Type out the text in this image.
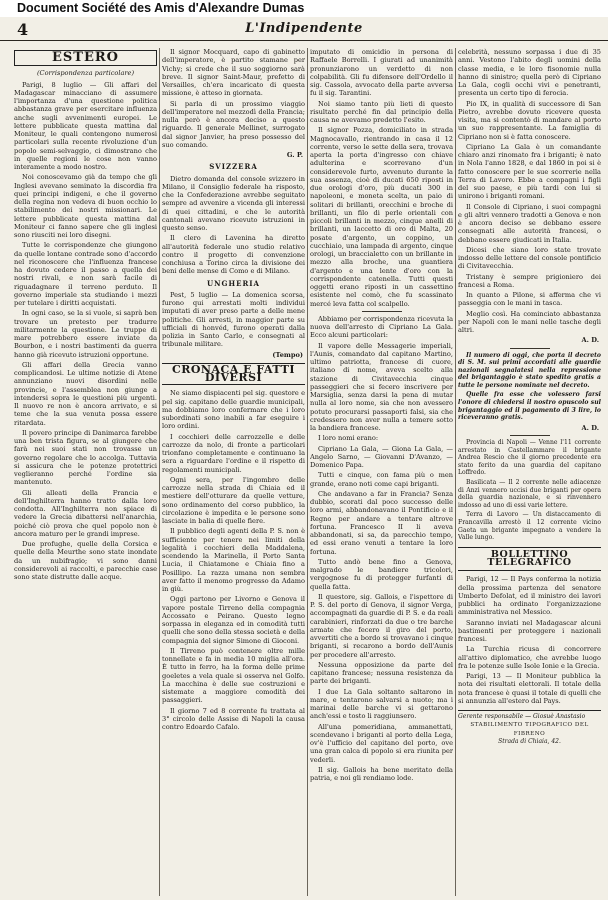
Document Société des Amis d'Alexandre Dumas
4	L'Indipendente
ESTERO
(Corrispondenza particolare)

Parigi, 8 luglio — Gli affari del Madagascar minacciano di assumere l'importanza d'una questione politica abbastanza grave per esercitare influenza anche sugli avvenimenti europei. Le lettere pubblicate questa mattina dal Moniteur, le quali contengono numerosi particolari sulla recente rivoluzione d'un popolo semi-selvaggio, ci dimostrano che in quelle regioni le cose non vanno interamente a modo nostro.

Noi conoscevamo già da tempo che gli Inglesi avevano seminato la discordia fra quei principi indigeni, e che il governo della regina non vedeva di buon occhio lo stabilimento dei nostri missionari. Le lettere pubblicate questa mattina dal Moniteur ci fanno sapere che gli inglesi sono riusciti nei loro disegni.

Tutte le corrispondenze che giungono da quelle lontane contrade sono d'accordo nel riconoscere che l'influenza francese ha dovuto cedere il passo a quella dei nostri rivali, e non sarà facile di riguadagnare il terreno perduto. Il governo imperiale sta studiando i mezzi per tutelare i diritti acquistati.

In ogni caso, se la si vuole, si saprà ben trovare un pretesto per tradurre militarmente la questione. Le truppe di mare potrebbero essere inviate da Bourbon, e i nostri bastimenti da guerra hanno già ricevuto istruzioni opportune.

Gli affari della Grecia vanno complicandosi. Le ultime notizie di Atene annunziano nuovi disordini nelle provincie, e l'assemblea non giunge a intendersi sopra le questioni più urgenti. Il nuovo re non è ancora arrivato, e si teme che la sua venuta possa essere ritardata.

Il povero principe di Danimarca farebbe una ben trista figura, se al giungere che farà nei suoi stati non trovasse un governo regolare che lo accolga. Tuttavia si assicura che le potenze protettrici veglieranno perché l'ordine sia mantenuto.

Gli alleati della Francia e dell'Inghilterra hanno tratto dalla loro condotta. All'Inghilterra non spiace di vedere la Grecia dibattersi nell'anarchia, poiché ciò prova che quel popolo non è ancora maturo per le grandi imprese.

Due profughe, quelle della Corsica e quelle della Meurthe sono state inondate da un nubifragio; vi sono danni considerevoli ai raccolti, e parecchie case sono state distrutte dalle acque.

Il signor Mocquard, capo di gabinetto dell'imperatore, è partito stamane per Vichy; si crede che il suo soggiorno sarà breve. Il signor Saint-Maur, prefetto di Versailles, ch'era incaricato di questa missione, è atteso in giornata.

Si parla di un prossimo viaggio dell'imperatore nel mezzodì della Francia; nulla però è ancora deciso a questo riguardo. Il generale Mellinet, surrogato dal signor Janvier, ha preso possesso del suo comando.

G. P.
SVIZZERA

Dietro domanda del console svizzero in Milano, il Consiglio federale ha risposto, che la Confederazione avrebbe seguitato sempre ad avvenire a vicenda gli interessi di quei cittadini, e che le autorità cantonali avevano ricevuto istruzioni in questo senso.

Il clero di Lavenina ha diretto all'autorità federale uno studio relativo contro il progetto di convenzione conchiusa a Torino circa la divisione dei beni delle mense di Como e di Milano.

UNGHERIA

Pest, 5 luglio — La domenica scorsa, furono qui arrestati molti individui imputati di aver preso parte a delle mene politiche. Gli arresti, in maggior parte su ufficiali di honvéd, furono operati dalla polizia in Santo Carlo, e consegnati al tribunale militare.

(Tempo)
CRONACA E FATTI DIVERSI

Ne siamo dispiacenti pel sig. questore e pel sig. capitano delle guardie municipali, ma dobbiamo loro confermare che i loro subordinati sono inabili a far eseguire i loro ordini.

I cocchieri delle carrozzelle e delle carrozze da nolo, di fronte a particolari trionfano completamente e continuano la sera a riguardare l'ordine e il rispetto di regolamenti municipali.

Ogni sera, per l'ingombro delle carrozze nella strada di Chiaia ed il mestiere dell'otturare da quelle vetture, sono ordinamento del corso pubblico, la circolazione è impedita e le persone sono lasciate in balia di quelle fiere.

Il pubblico degli agenti della P. S. non è sufficiente per tenere nei limiti della legalità i cocchieri della Maddalena, scendendo la Marinella, il Porto Santa Lucia, il Chiatamone e Chiaia fino a Posillipo. La razza umana non sembra aver fatto il menomo progresso da Adamo in giù.

Oggi partono per Livorno e Genova il vapore postale Tirreno della compagnia Accossato e Peirano. Questo legno sorpassa in eleganza ed in comodità tutti quelli che sono della stessa società e della compagnia del signor Simone di Gioconi.

Il Tirreno può contenere oltre mille tonnellate e fa in media 10 miglia all'ora. È tutto in ferro, ha la forma delle prime goeletes a vela quale si osserva nel Golfo. La macchina è delle sue costruzioni e sistemate a maggiore comodità dei passaggieri.

Il giorno 7 ed 8 corrente fu trattata al 3° circolo delle Assise di Napoli la causa contro Edoardo Cafalo.

imputato di omicidio in persona di Raffaele Borrelli. I giurati ad unanimità pronunziarono un verdetto di non colpabilità. Gli fu difensore dell'Ordello il sig. Cassola, avvocato della parte avversa fu il sig. Tarantini.

Noi siamo tanto più lieti di questo risultato perché fin dal principio della causa ne avevamo predetto l'esito.

Il signor Pozza, domiciliato in strada Magnocavallo, rientrando in casa il 12 corrente, verso le sette della sera, trovava aperta la porta d'ingresso con chiave adulterina e scorrevano d'un considerevole furto, avvenuto durante la sua assenza, cioè di ducati 650 riposti in due orologi d'oro, più ducati 300 in napoleoni, e moneta scelta, un paio di solitari di brillanti, orecchini e broche di brillanti, un filo di perle orientali con piccoli brillanti in mezzo, cinque anelli di brillanti, un laccetto di oro di Malta, 20 posate d'argento, un coppino, un cucchiaio, una lampada di argento, cinque orologi, un braccialetto con un brillante in mezzo alla broche, una guantiera d'argento e una lente d'oro con la corrispondente catenella. Tutti questi oggetti erano riposti in un cassettino esistente nel comò, che fu scassinato mercé leva fatta col scalpello.

Abbiamo per corrispondenza ricevuta la nuova dell'arresto di Cipriano La Gala. Ecco alcuni particolari:

Il vapore delle Messagerie imperiali, l'Aunis, comandato dal capitano Martino, ultimo patriotta, francese di cuore, italiano di nome, aveva scelto alla stazione di Civitavecchia cinque passeggieri che si fecero inscrivere per Marsiglia, senza darsi la pena di mutar nulla al loro nome, sia che non avessero potuto procurarsi passaporti falsi, sia che credessero non aver nulla a temere sotto la bandiera francese.

I loro nomi erano:

Cipriano La Gala, — Giona La Gala, — Angelo Sarno, — Giovanni D'Avanzo, — Domenico Papa.

Tutti e cinque, con fama più o men grande, erano noti come capi briganti.

Che andavano a far in Francia? Senza dubbio, scorati dal poco successo delle loro armi, abbandonavano il Pontificio e il Regno per andare a tentare altrove fortuna. Francesco II li aveva abbandonati, si sa, da parecchio tempo, ed essi erano venuti a tentare la loro fortuna.

Tutto andò bene fino a Genova, malgrado le bandiere tricolori, vergognose fu di protegger furfanti di quella fatta.

Il questore, sig. Gallois, e l'ispettore di P. S. del porto di Genova, il signor Verga, accompagnati da guardie di P. S. e da reali carabinieri, rinforzati da due o tre barche armate che fecero il giro del porto, avvertiti che a bordo si trovavano i cinque briganti, si recarono a bordo dell'Aunis per procedere all'arresto.

Nessuna opposizione da parte del capitano francese; nessuna resistenza da parte dei briganti.

I due La Gala soltanto saltarono in mare, e tentarono salvarsi a nuoto; ma i marinai delle barche vi si gettarono anch'essi e tosto li raggiunsero.

All'una pomeridiana, ammanettati, scendevano i briganti al porto della Lega, ov'è l'ufficio del capitano del porto, ove una gran calca di popolo si era riunita per vederli.

Il sig. Gallois ha bene meritato della patria, e noi gli rendiamo lode.

celebrità, nessuno sorpassa i due di 35 anni. Vestono l'abito degli uomini della classe media, e le loro fisonomie nulla hanno di sinistro; quella però di Cipriano La Gala, cogli occhi vivi e penetranti, presenta un certo tipo di ferocia.

Pio IX, in qualità di successore di San Pietro, avrebbe dovuto ricevere questa visita, ma si contentò di mandare al porto un suo rappresentante. La famiglia di Cipriano non si è fatta conoscere.

Cipriano La Gala è un comandante chiaro anzi rinomato fra i briganti; è nato in Nola l'anno 1828, e dal 1860 in poi si è fatto conoscere per le sue scorrerie nella Terra di Lavoro. Ebbe a compagni i figli del suo paese, e più tardi con lui si unirono i briganti romani.

Il Console di Cipriano, i suoi compagni e gli altri vennero tradotti a Genova e non è ancora deciso se debbano essere consegnati alle autorità francesi, o debbano essere giudicati in Italia.

Dicesi che siano loro state trovate indosso delle lettere del console pontificio di Civitavecchia.

Tristany è sempre prigioniero dei francesi a Roma.

In quanto a Pilone, si afferma che vi passeggia con le mani in tasca.

Meglio così. Ha cominciato abbastanza per Napoli con le mani nelle tasche degli altri.

A. D.

Il numero di oggi, che porta il decreto di S. M. sui primi accordati alle guardie nazionali segnalatesi nella repressione del brigantaggio è stato spedito gratis a tutte le persone nominate nel decreto.

Quelle fra esse che volessero farsi l'onore di chiedersi il nostro opuscolo sul brigantaggio ed il pagamento di 3 lire, lo riceveranno gratis.

A. D.

Provincia di Napoli — Venne l'11 corrente arrestato in Castellammare il brigante Andrea Rescio che il giorno precedente era stato ferito da una guardia del capitano Loffredo.

Basilicata — Il 2 corrente nelle adiacenze di Anzi vennero uccisi due briganti per opera della guardia nazionale, e si rinvennero indosso ad uno di essi varie lettere.

Terra di Lavoro — Un distaccamento di Francavilla arrestò il 12 corrente vicino Gaeta un brigante impegnato a vendere la Valle lungo.

BOLLETTINO TELEGRAFICO

Parigi, 12 — Il Pays conferma la notizia della prossima partenza del senatore Umberto Defolat, ed il ministro dei lavori pubblici ha ordinato l'organizzazione amministrativa nel Messico.

Saranno inviati nel Madagascar alcuni bastimenti per proteggere i nazionali francesi.

La Turchia ricusa di concorrere all'attivo diplomatico, che avrebbe luogo fra le potenze sulle Isole Ionie e la Grecia.

Parigi, 13 — Il Moniteur pubblica la nota dei risultati elettorali. Il totale della nota francese è quasi il totale di quelli che si annunzia all'estero dal Pays.

Gerente responsabile — Giosuè Anastasio
STABILIMENTO TIPOGRAFICO DEL FIBRENO
Strada di Chiaia, 42.
